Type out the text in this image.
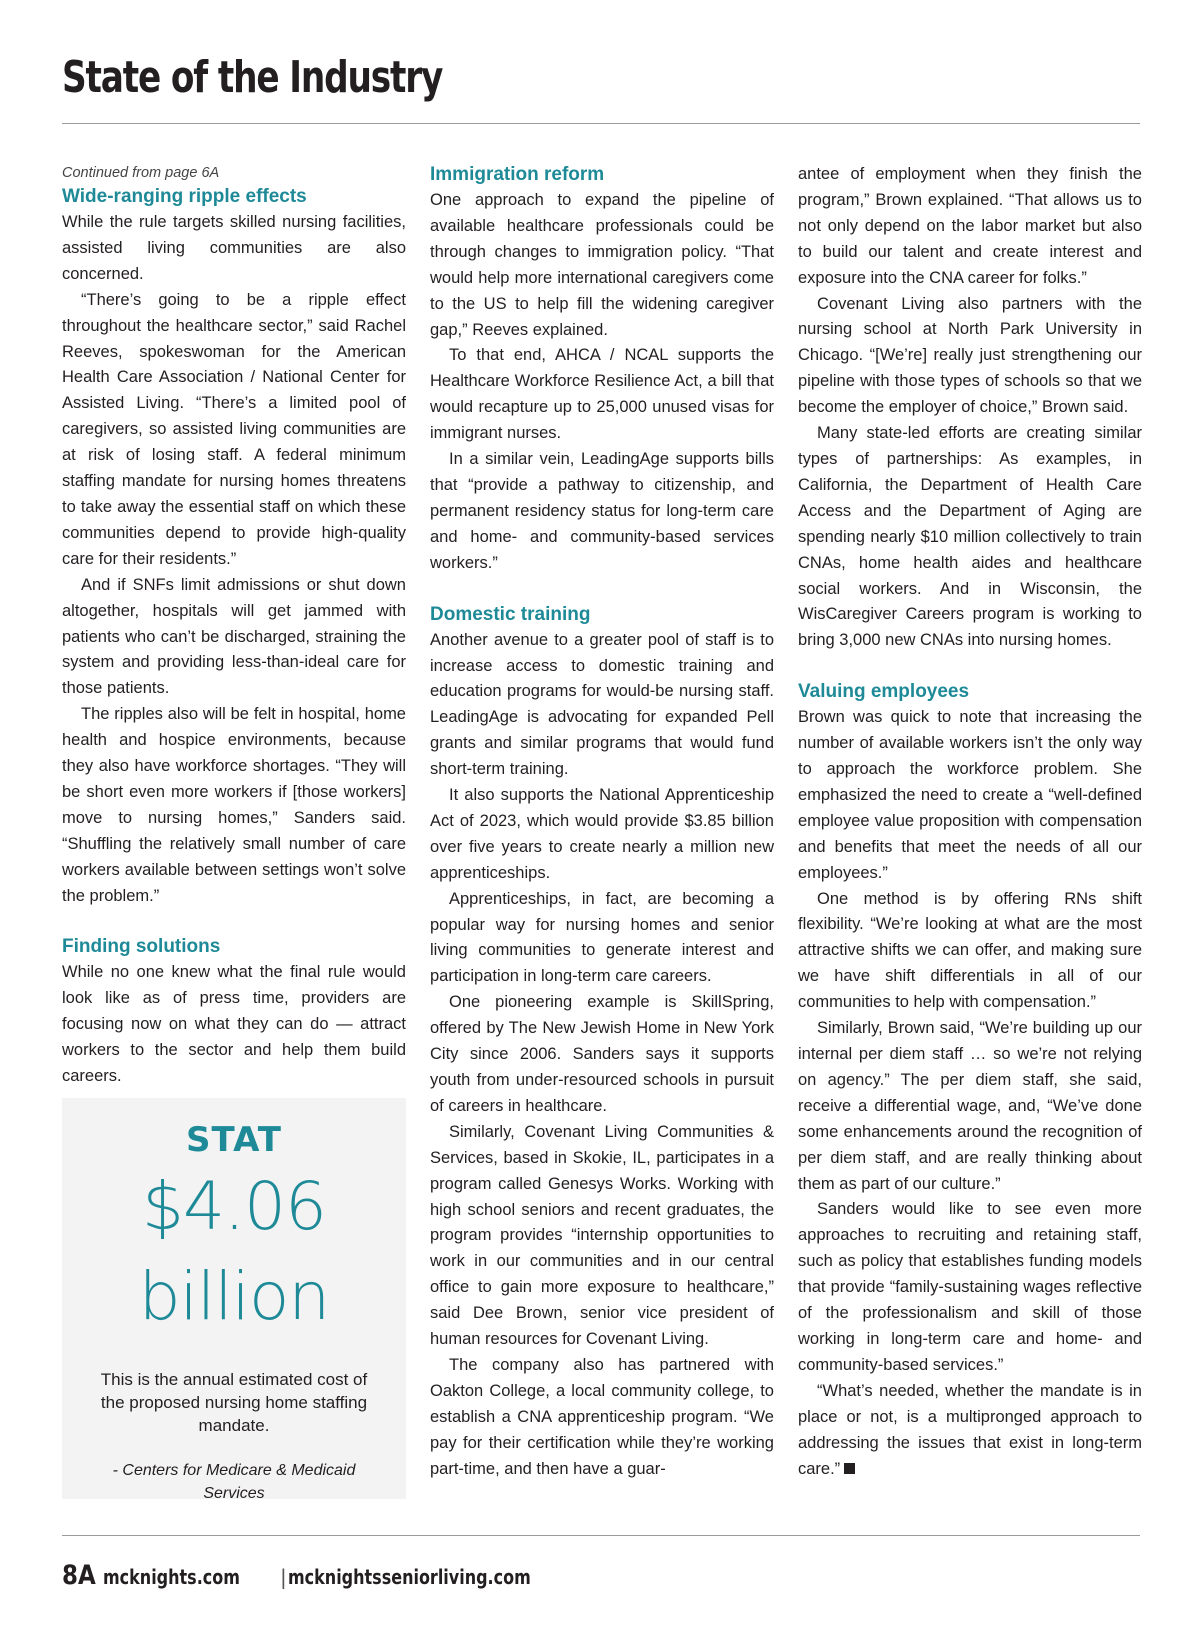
State of the Industry

Continued from page 6A

Wide-ranging ripple effects

While the rule targets skilled nursing facilities, assisted living communities are also concerned.

“There’s going to be a ripple effect throughout the healthcare sector,” said Rachel Reeves, spokeswoman for the American Health Care Association / National Center for Assisted Living. “There’s a limited pool of caregivers, so assisted living communities are at risk of losing staff. A federal minimum staffing mandate for nursing homes threatens to take away the essential staff on which these communities depend to provide high-quality care for their residents.”

And if SNFs limit admissions or shut down altogether, hospitals will get jammed with patients who can’t be discharged, straining the system and providing less-than-ideal care for those patients.

The ripples also will be felt in hospital, home health and hospice environments, because they also have workforce shortages. “They will be short even more workers if [those workers] move to nursing homes,” Sanders said. “Shuffling the relatively small number of care workers available between settings won’t solve the problem.”

Finding solutions

While no one knew what the final rule would look like as of press time, providers are focusing now on what they can do — attract workers to the sector and help them build careers.

STAT
$4.06
billion
This is the annual estimated cost of the proposed nursing home staffing mandate.
- Centers for Medicare & Medicaid Services
Immigration reform

One approach to expand the pipeline of available healthcare professionals could be through changes to immigration policy. “That would help more international caregivers come to the US to help fill the widening caregiver gap,” Reeves explained.

To that end, AHCA / NCAL supports the Healthcare Workforce Resilience Act, a bill that would recapture up to 25,000 unused visas for immigrant nurses.

In a similar vein, LeadingAge supports bills that “provide a pathway to citizenship, and permanent residency status for long-term care and home- and community-based services workers.”

Domestic training

Another avenue to a greater pool of staff is to increase access to domestic training and education programs for would-be nursing staff. LeadingAge is advocating for expanded Pell grants and similar programs that would fund short-term training.

It also supports the National Apprenticeship Act of 2023, which would provide $3.85 billion over five years to create nearly a million new apprenticeships.

Apprenticeships, in fact, are becoming a popular way for nursing homes and senior living communities to generate interest and participation in long-term care careers.

One pioneering example is SkillSpring, offered by The New Jewish Home in New York City since 2006. Sanders says it supports youth from under-resourced schools in pursuit of careers in healthcare.

Similarly, Covenant Living Communities & Services, based in Skokie, IL, participates in a program called Genesys Works. Working with high school seniors and recent graduates, the program provides “internship opportunities to work in our communities and in our central office to gain more exposure to healthcare,” said Dee Brown, senior vice president of human resources for Covenant Living.

The company also has partnered with Oakton College, a local community college, to establish a CNA apprenticeship program. “We pay for their certification while they’re working part-time, and then have a guar-

antee of employment when they finish the program,” Brown explained. “That allows us to not only depend on the labor market but also to build our talent and create interest and exposure into the CNA career for folks.”

Covenant Living also partners with the nursing school at North Park University in Chicago. “[We’re] really just strengthening our pipeline with those types of schools so that we become the employer of choice,” Brown said.

Many state-led efforts are creating similar types of partnerships: As examples, in California, the Department of Health Care Access and the Department of Aging are spending nearly $10 million collectively to train CNAs, home health aides and healthcare social workers. And in Wisconsin, the WisCaregiver Careers program is working to bring 3,000 new CNAs into nursing homes.

Valuing employees

Brown was quick to note that increasing the number of available workers isn’t the only way to approach the workforce problem. She emphasized the need to create a “well-defined employee value proposition with compensation and benefits that meet the needs of all our employees.”

One method is by offering RNs shift flexibility. “We’re looking at what are the most attractive shifts we can offer, and making sure we have shift differentials in all of our communities to help with compensation.”

Similarly, Brown said, “We’re building up our internal per diem staff … so we’re not relying on agency.” The per diem staff, she said, receive a differential wage, and, “We’ve done some enhancements around the recognition of per diem staff, and are really thinking about them as part of our culture.”

Sanders would like to see even more approaches to recruiting and retaining staff, such as policy that establishes funding models that provide “family-sustaining wages reflective of the professionalism and skill of those working in long-term care and home- and community-based services.”

“What’s needed, whether the mandate is in place or not, is a multipronged approach to addressing the issues that exist in long-term care.”

8A mcknights.com | mcknightsseniorliving.com
